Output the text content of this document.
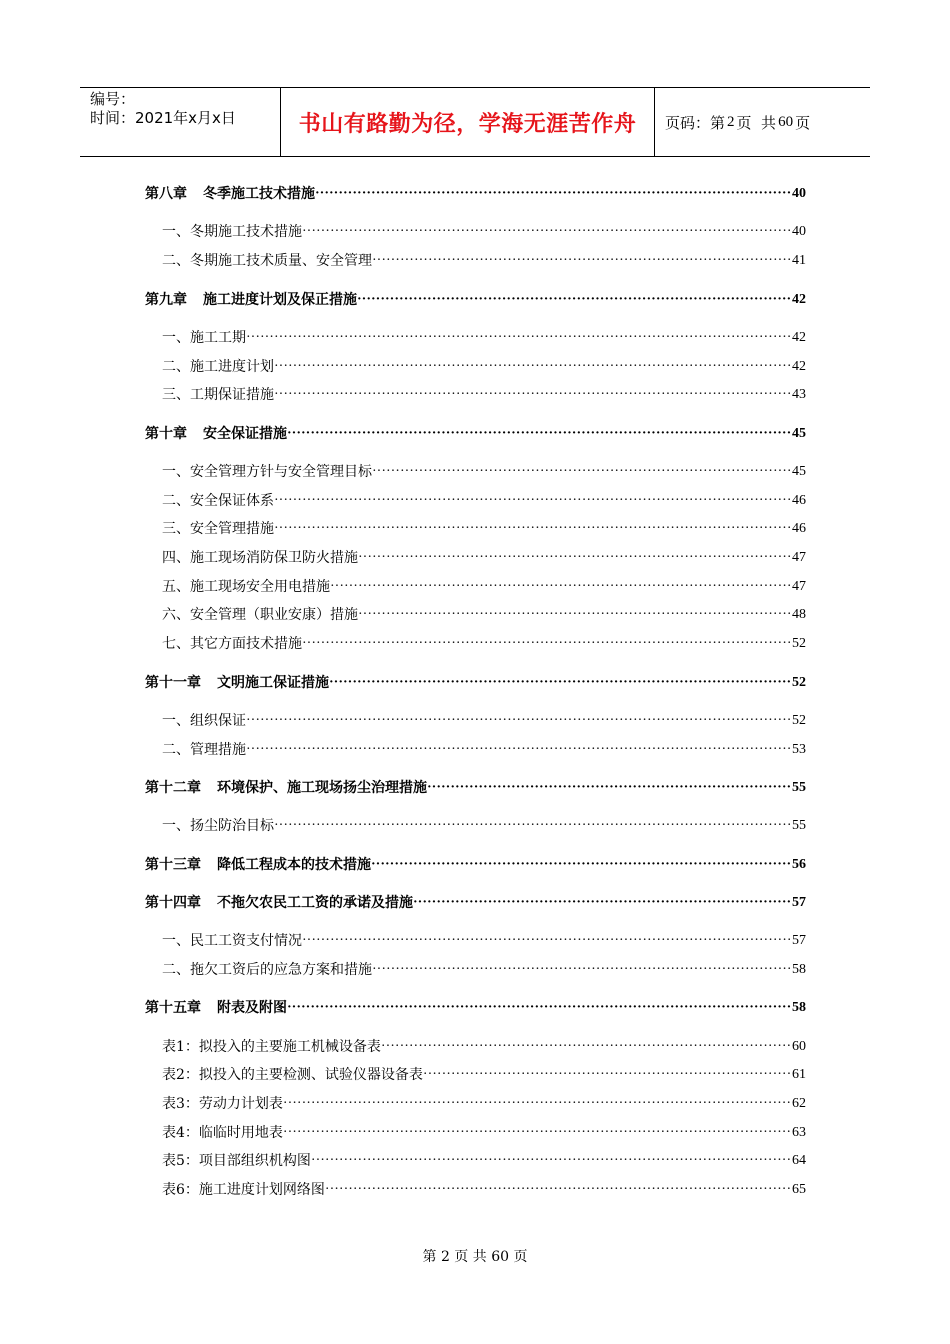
编号：
时间：2021年x月x日	书山有路勤为径，学海无涯苦作舟	页码：第 2 页  共 60 页
第八章 冬季施工技术措施 ·····	40
一、冬期施工技术措施 ·····	40
二、冬期施工技术质量、安全管理 ·····	41
第九章 施工进度计划及保正措施 ·····	42
一、施工工期 ·····	42
二、施工进度计划 ·····	42
三、工期保证措施 ·····	43
第十章 安全保证措施 ·····	45
一、安全管理方针与安全管理目标 ·····	45
二、安全保证体系 ·····	46
三、安全管理措施 ·····	46
四、施工现场消防保卫防火措施 ·····	47
五、施工现场安全用电措施 ·····	47
六、安全管理（职业安康）措施 ·····	48
七、其它方面技术措施 ·····	52
第十一章 文明施工保证措施 ·····	52
一、组织保证 ·····	52
二、管理措施 ·····	53
第十二章 环境保护、施工现场扬尘治理措施 ·····	55
一、扬尘防治目标 ·····	55
第十三章 降低工程成本的技术措施 ·····	56
第十四章 不拖欠农民工工资的承诺及措施 ·····	57
一、民工工资支付情况 ·····	57
二、拖欠工资后的应急方案和措施 ·····	58
第十五章 附表及附图 ·····	58
表1：拟投入的主要施工机械设备表 ·····	60
表2：拟投入的主要检测、试验仪器设备表 ·····	61
表3：劳动力计划表 ·····	62
表4：临临时用地表 ·····	63
表5：项目部组织机构图 ·····	64
表6：施工进度计划网络图 ·····	65
第 2 页 共 60 页
